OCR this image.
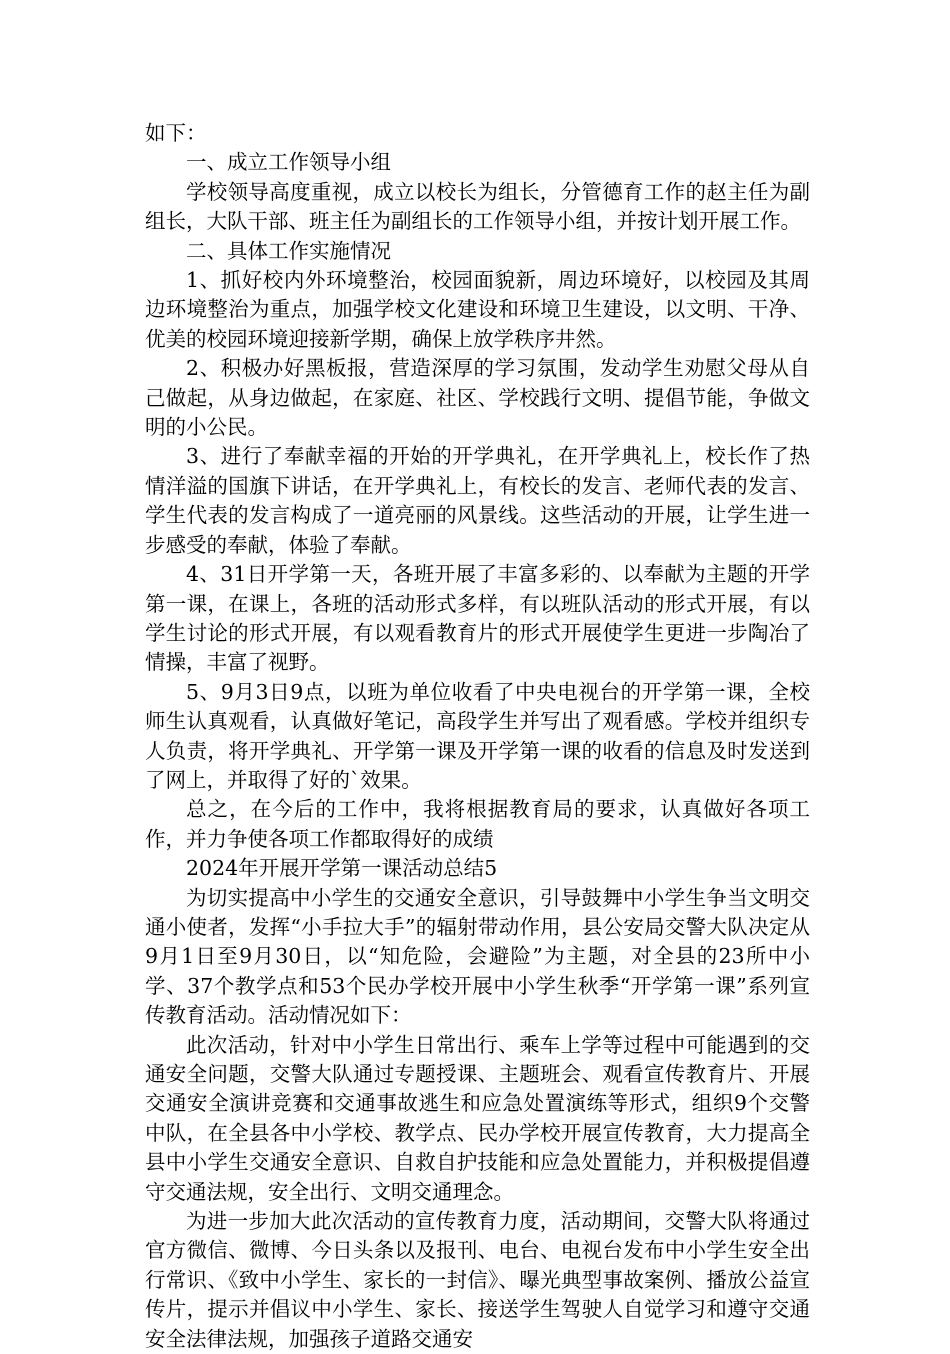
如下：

一、成立工作领导小组

学校领导高度重视，成立以校长为组长，分管德育工作的赵主任为副组长，大队干部、班主任为副组长的工作领导小组，并按计划开展工作。

二、具体工作实施情况

1、抓好校内外环境整治，校园面貌新，周边环境好，以校园及其周边环境整治为重点，加强学校文化建设和环境卫生建设，以文明、干净、优美的校园环境迎接新学期，确保上放学秩序井然。

2、积极办好黑板报，营造深厚的学习氛围，发动学生劝慰父母从自己做起，从身边做起，在家庭、社区、学校践行文明、提倡节能，争做文明的小公民。

3、进行了奉献幸福的开始的开学典礼，在开学典礼上，校长作了热情洋溢的国旗下讲话，在开学典礼上，有校长的发言、老师代表的发言、学生代表的发言构成了一道亮丽的风景线。这些活动的开展，让学生进一步感受的奉献，体验了奉献。

4、31日开学第一天，各班开展了丰富多彩的、以奉献为主题的开学第一课，在课上，各班的活动形式多样，有以班队活动的形式开展，有以学生讨论的形式开展，有以观看教育片的形式开展使学生更进一步陶冶了情操，丰富了视野。

5、9月3日9点，以班为单位收看了中央电视台的开学第一课，全校师生认真观看，认真做好笔记，高段学生并写出了观看感。学校并组织专人负责，将开学典礼、开学第一课及开学第一课的收看的信息及时发送到了网上，并取得了好的`效果。

总之，在今后的工作中，我将根据教育局的要求，认真做好各项工作，并力争使各项工作都取得好的成绩

2024年开展开学第一课活动总结5

为切实提高中小学生的交通安全意识，引导鼓舞中小学生争当文明交通小使者，发挥“小手拉大手”的辐射带动作用，县公安局交警大队决定从9月1日至9月30日，以“知危险，会避险”为主题，对全县的23所中小学、37个教学点和53个民办学校开展中小学生秋季“开学第一课”系列宣传教育活动。活动情况如下：

此次活动，针对中小学生日常出行、乘车上学等过程中可能遇到的交通安全问题，交警大队通过专题授课、主题班会、观看宣传教育片、开展交通安全演讲竞赛和交通事故逃生和应急处置演练等形式，组织9个交警中队，在全县各中小学校、教学点、民办学校开展宣传教育，大力提高全县中小学生交通安全意识、自救自护技能和应急处置能力，并积极提倡遵守交通法规，安全出行、文明交通理念。

为进一步加大此次活动的宣传教育力度，活动期间，交警大队将通过官方微信、微博、今日头条以及报刊、电台、电视台发布中小学生安全出行常识、《致中小学生、家长的一封信》、曝光典型事故案例、播放公益宣传片，提示并倡议中小学生、家长、接送学生驾驶人自觉学习和遵守交通安全法律法规，加强孩子道路交通安
